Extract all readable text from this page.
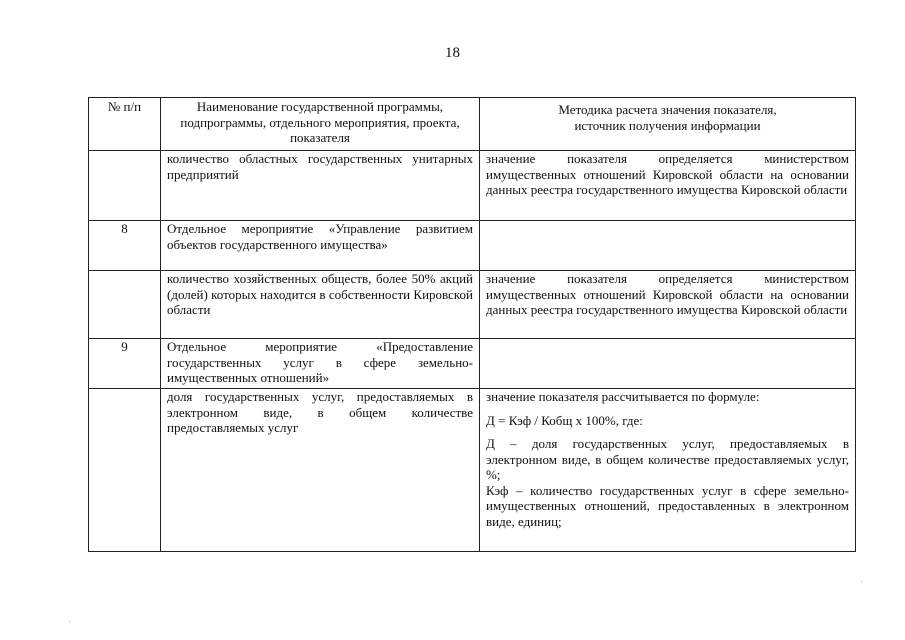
18
№ п/п	Наименование государственной программы, подпрограммы, отдельного мероприятия, проекта, показателя	Методика расчета значения показателя, источник получения информации

	количество областных государственных унитарных предприятий	значение показателя определяется министерством имущественных отношений Кировской области на основании данных реестра государственного имущества Кировской области
8	Отдельное мероприятие «Управление развитием объектов государственного имущества»	
	количество хозяйственных обществ, более 50% акций (долей) которых находится в собственности Кировской области	значение показателя определяется министерством имущественных отношений Кировской области на основании данных реестра государственного имущества Кировской области
9	Отдельное мероприятие «Предоставление государственных услуг в сфере земельно-имущественных отношений»	
	доля государственных услуг, предоставляемых в электронном виде, в общем количестве предоставляемых услуг	значение показателя рассчитывается по формуле:
Д = Кэф / Кобщ x 100%, где:
Д – доля государственных услуг, предоставляемых в электронном виде, в общем количестве предоставляемых услуг, %;
Кэф – количество государственных услуг в сфере земельно-имущественных отношений, предоставленных в электронном виде, единиц;
·
·
